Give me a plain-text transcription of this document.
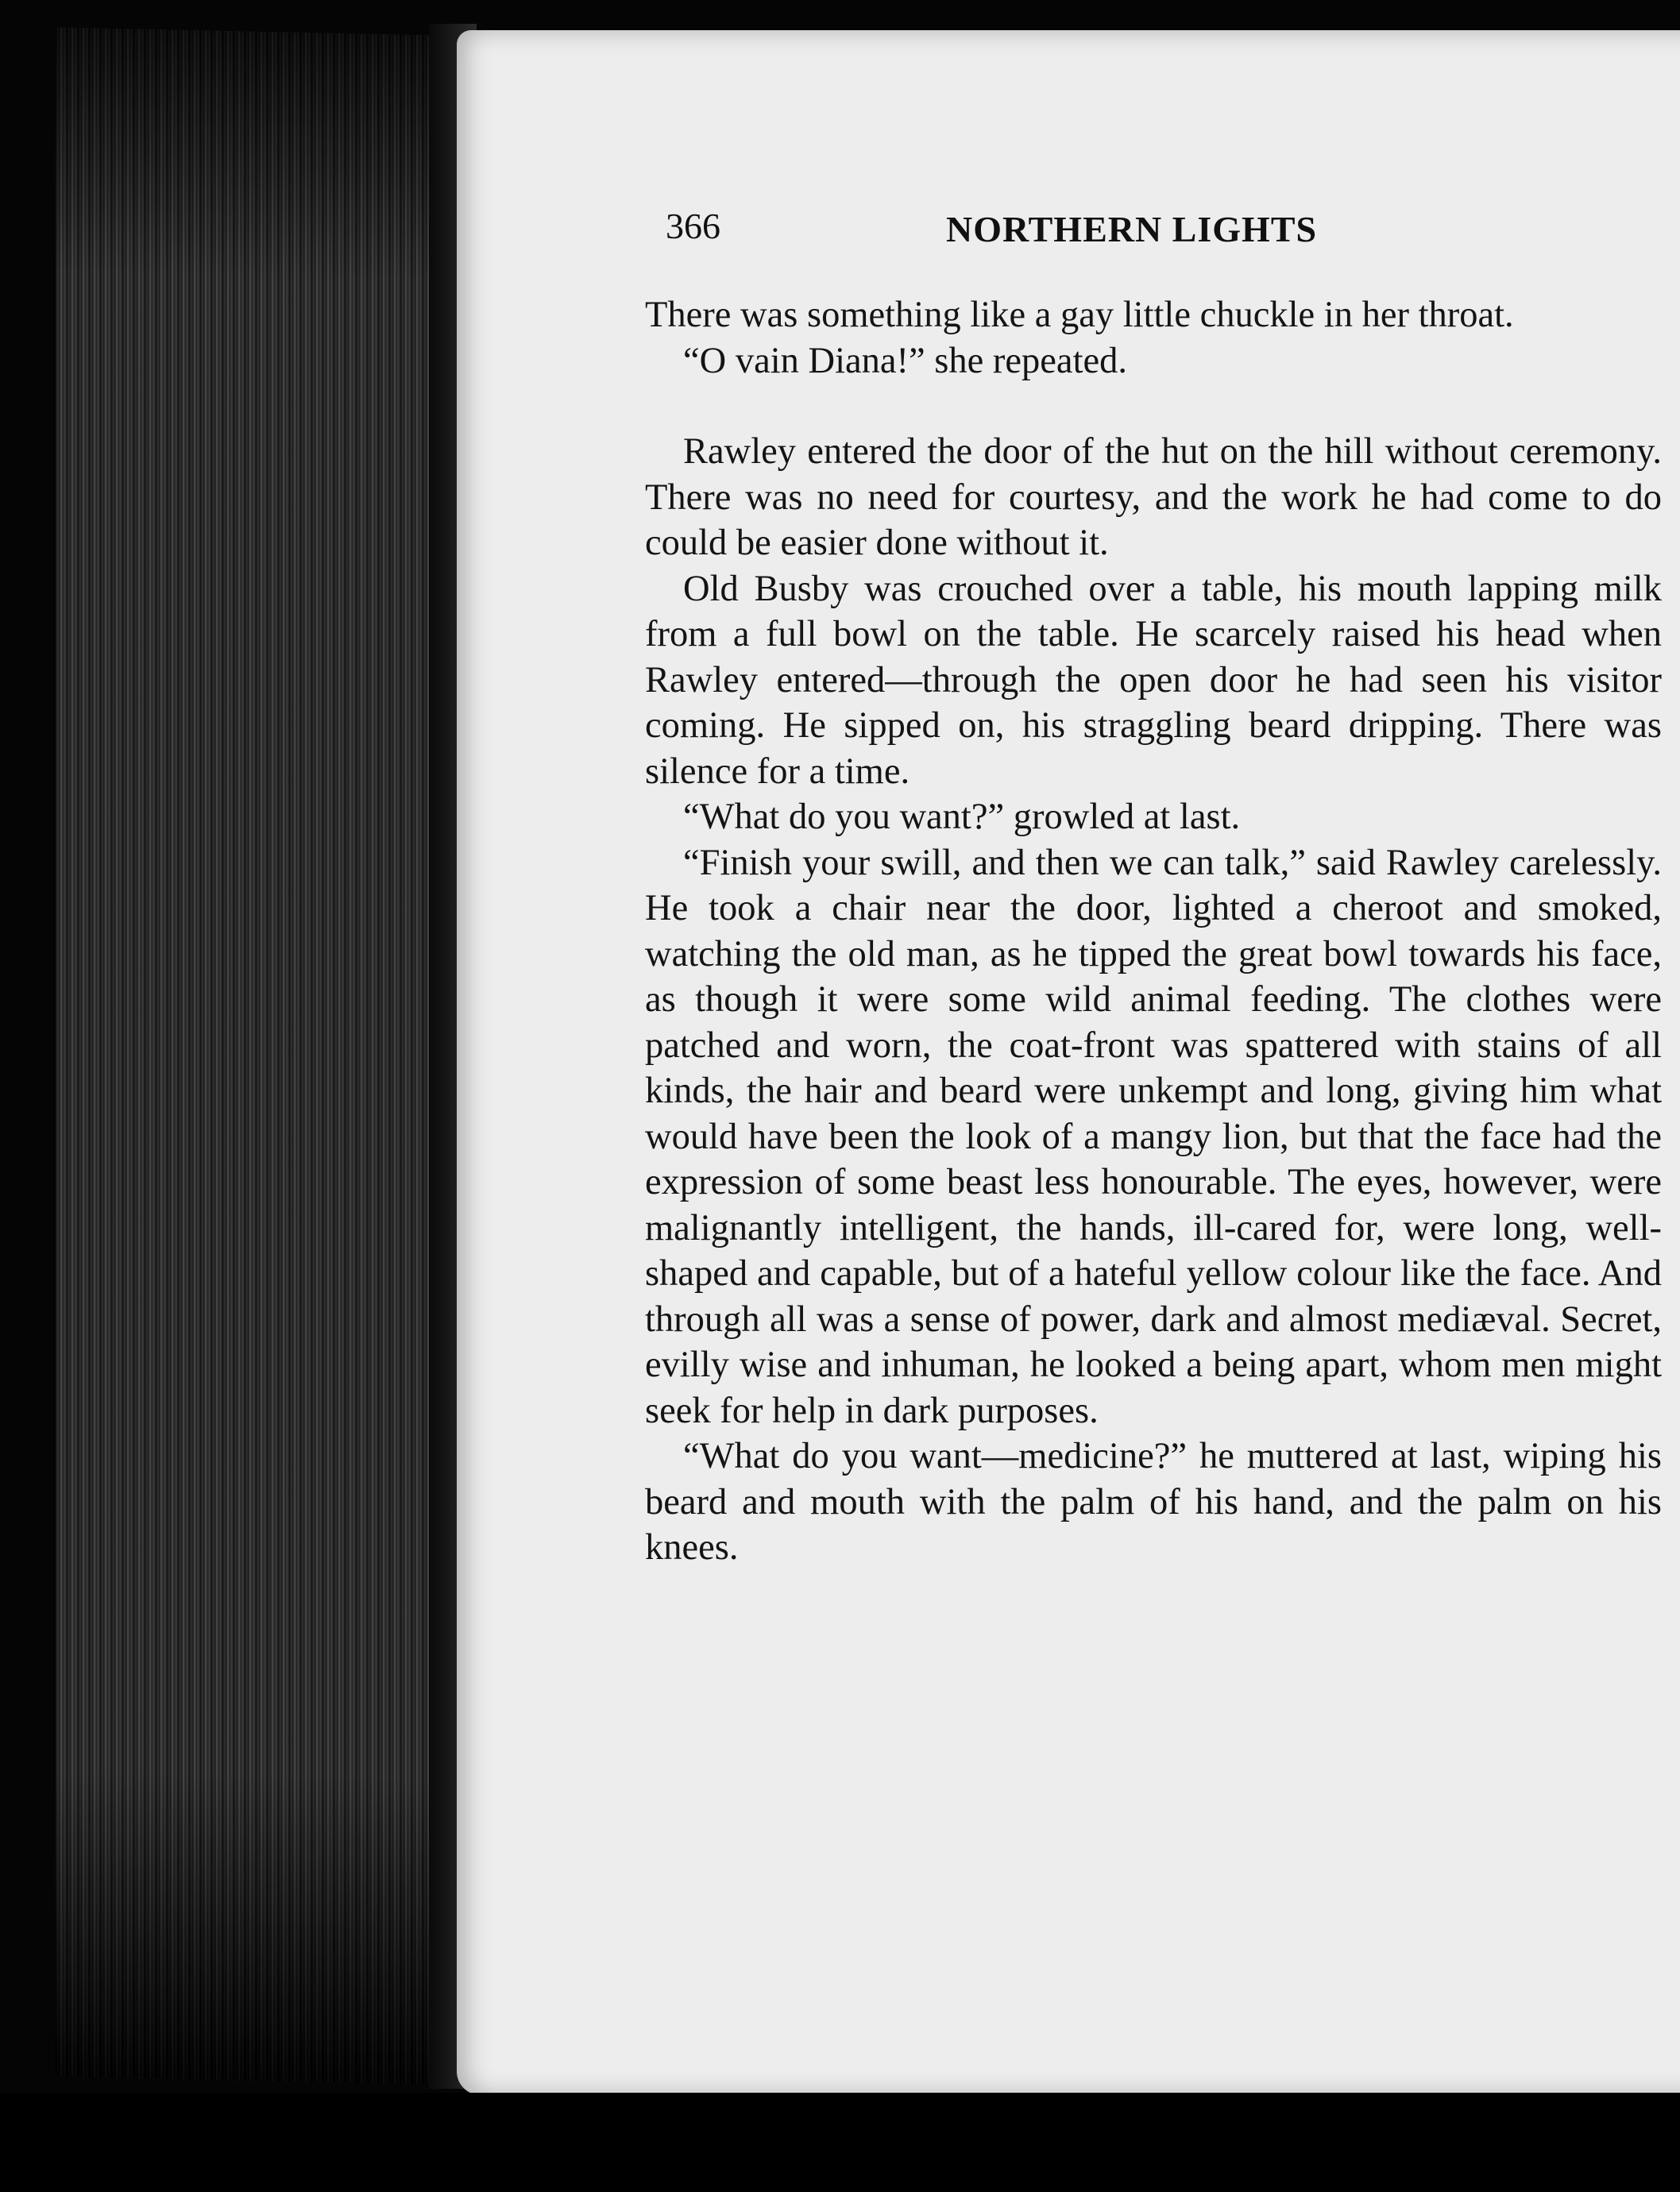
366	NORTHERN LIGHTS

There was something like a gay little chuckle in her throat.

“O vain Diana!” she repeated.

Rawley entered the door of the hut on the hill without ceremony. There was no need for courtesy, and the work he had come to do could be easier done without it.

Old Busby was crouched over a table, his mouth lapping milk from a full bowl on the table. He scarcely raised his head when Rawley entered—through the open door he had seen his visitor coming. He sipped on, his straggling beard dripping. There was silence for a time.

“What do you want?” growled at last.

“Finish your swill, and then we can talk,” said Rawley carelessly. He took a chair near the door, lighted a cheroot and smoked, watching the old man, as he tipped the great bowl towards his face, as though it were some wild animal feeding. The clothes were patched and worn, the coat-front was spattered with stains of all kinds, the hair and beard were unkempt and long, giving him what would have been the look of a mangy lion, but that the face had the expression of some beast less honourable. The eyes, however, were malignantly intelligent, the hands, ill-cared for, were long, well-shaped and capable, but of a hateful yellow colour like the face. And through all was a sense of power, dark and almost mediæval. Secret, evilly wise and inhuman, he looked a being apart, whom men might seek for help in dark purposes.

“What do you want—medicine?” he muttered at last, wiping his beard and mouth with the palm of his hand, and the palm on his knees.
